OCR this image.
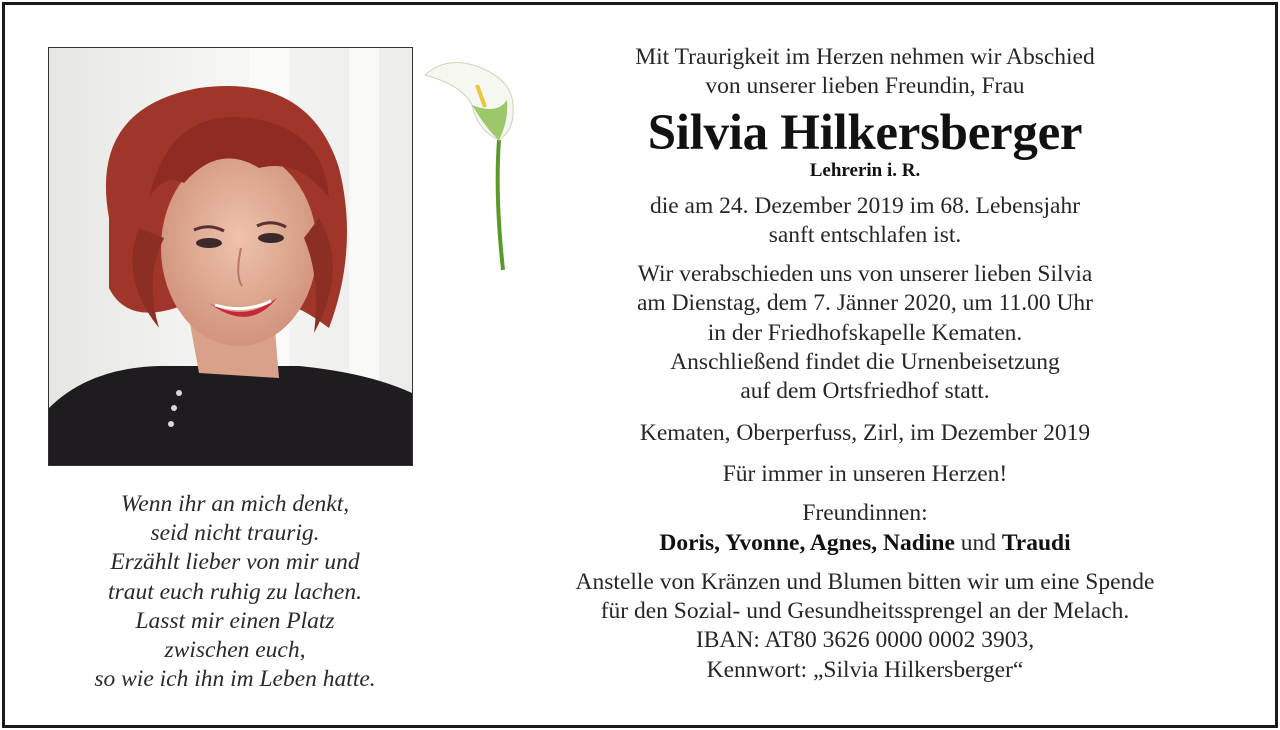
Wenn ihr an mich denkt,
seid nicht traurig.
Erzählt lieber von mir und
traut euch ruhig zu lachen.
Lasst mir einen Platz
zwischen euch,
so wie ich ihn im Leben hatte.
Mit Traurigkeit im Herzen nehmen wir Abschied
von unserer lieben Freundin, Frau
Silvia Hilkersberger
Lehrerin i. R.
die am 24. Dezember 2019 im 68. Lebensjahr
sanft entschlafen ist.
Wir verabschieden uns von unserer lieben Silvia
am Dienstag, dem 7. Jänner 2020, um 11.00 Uhr
in der Friedhofskapelle Kematen.
Anschließend findet die Urnenbeisetzung
auf dem Ortsfriedhof statt.
Kematen, Oberperfuss, Zirl, im Dezember 2019
Für immer in unseren Herzen!
Freundinnen:
Doris, Yvonne, Agnes, Nadine und Traudi
Anstelle von Kränzen und Blumen bitten wir um eine Spende
für den Sozial- und Gesundheitssprengel an der Melach.
IBAN: AT80 3626 0000 0002 3903,
Kennwort: „Silvia Hilkersberger“
